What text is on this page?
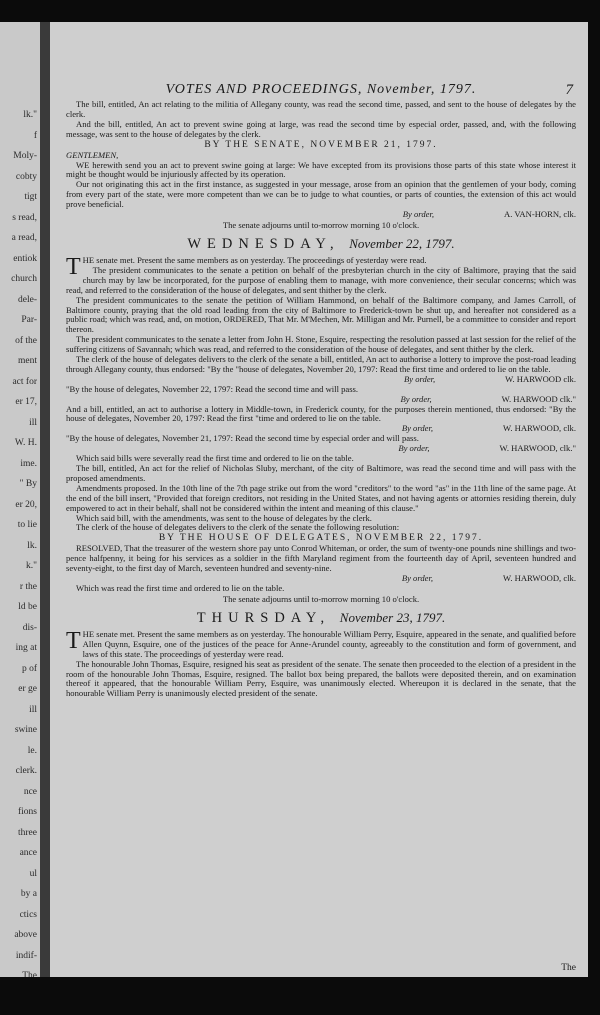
lk."
f
Moly-
cobty
tigt
s read,
a read,
entiok
church
dele-
Par-
of the
ment
act for
er 17,
ill
W. H.
ime.
" By
er 20,
to lie
lk.
k."
r the
ld be
dis-
ing at
p of
er ge
ill
swine
le.
clerk.
nce
fions
three
ance
ul
by a
ctics
above
indif-
The
VOTES AND PROCEEDINGS, November, 1797.	7

The bill, entitled, An act relating to the militia of Allegany county, was read the second time, passed, and sent to the house of delegates by the clerk.

And the bill, entitled, An act to prevent swine going at large, was read the second time by especial order, passed, and, with the following message, was sent to the house of delegates by the clerk.

BY THE SENATE, NOVEMBER 21, 1797.

GENTLEMEN,

WE herewith send you an act to prevent swine going at large: We have excepted from its provisions those parts of this state whose interest it might be thought would be injuriously affected by its operation.

Our not originating this act in the first instance, as suggested in your message, arose from an opinion that the gentlemen of your body, coming from every part of the state, were more competent than we can be to judge to what counties, or parts of counties, the extension of this act would prove beneficial.

By order,	A. VAN-HORN, clk.
The senate adjourns until to-morrow morning 10 o'clock.
WEDNESDAY, November 22, 1797.

THE senate met. Present the same members as on yesterday. The proceedings of yesterday were read.

The president communicates to the senate a petition on behalf of the presbyterian church in the city of Baltimore, praying that the said church may by law be incorporated, for the purpose of enabling them to manage, with more convenience, their secular concerns; which was read, and referred to the consideration of the house of delegates, and sent thither by the clerk.

The president communicates to the senate the petition of William Hammond, on behalf of the Baltimore company, and James Carroll, of Baltimore county, praying that the old road leading from the city of Baltimore to Frederick-town be shut up, and hereafter not considered as a public road; which was read, and, on motion, ORDERED, That Mr. M'Mechen, Mr. Milligan and Mr. Purnell, be a committee to consider and report thereon.

The president communicates to the senate a letter from John H. Stone, Esquire, respecting the resolution passed at last session for the relief of the suffering citizens of Savannah; which was read, and referred to the consideration of the house of delegates, and sent thither by the clerk.

The clerk of the house of delegates delivers to the clerk of the senate a bill, entitled, An act to authorise a lottery to improve the post-road leading through Allegany county, thus endorsed: "By the "house of delegates, November 20, 1797: Read the first time and ordered to lie on the table.

By order,	W. HARWOOD clk.

"By the house of delegates, November 22, 1797: Read the second time and will pass.

By order,	W. HARWOOD clk."

And a bill, entitled, an act to authorise a lottery in Middle-town, in Frederick county, for the purposes therein mentioned, thus endorsed: "By the house of delegates, November 20, 1797: Read the first "time and ordered to lie on the table.

By order,	W. HARWOOD, clk.

"By the house of delegates, November 21, 1797: Read the second time by especial order and will pass.

By order,	W. HARWOOD, clk."

Which said bills were severally read the first time and ordered to lie on the table.

The bill, entitled, An act for the relief of Nicholas Sluby, merchant, of the city of Baltimore, was read the second time and will pass with the proposed amendments.

Amendments proposed. In the 10th line of the 7th page strike out from the word "creditors" to the word "as" in the 11th line of the same page. At the end of the bill insert, "Provided that foreign creditors, not residing in the United States, and not having agents or attornies residing therein, duly empowered to act in their behalf, shall not be considered within the intent and meaning of this clause."

Which said bill, with the amendments, was sent to the house of delegates by the clerk.

The clerk of the house of delegates delivers to the clerk of the senate the following resolution:

BY THE HOUSE OF DELEGATES, NOVEMBER 22, 1797.

RESOLVED, That the treasurer of the western shore pay unto Conrod Whiteman, or order, the sum of twenty-one pounds nine shillings and two-pence halfpenny, it being for his services as a soldier in the fifth Maryland regiment from the fourteenth day of April, seventeen hundred and seventy-eight, to the first day of March, seventeen hundred and seventy-nine.

By order,	W. HARWOOD, clk.

Which was read the first time and ordered to lie on the table.

The senate adjourns until to-morrow morning 10 o'clock.
THURSDAY, November 23, 1797.

THE senate met. Present the same members as on yesterday. The honourable William Perry, Esquire, appeared in the senate, and qualified before Allen Quynn, Esquire, one of the justices of the peace for Anne-Arundel county, agreeably to the constitution and form of government, and laws of this state. The proceedings of yesterday were read.

The honourable John Thomas, Esquire, resigned his seat as president of the senate. The senate then proceeded to the election of a president in the room of the honourable John Thomas, Esquire, resigned. The ballot box being prepared, the ballots were deposited therein, and on examination thereof it appeared, that the honourable William Perry, Esquire, was unanimously elected. Whereupon it is declared in the senate, that the honourable William Perry is unanimously elected president of the senate.

The
